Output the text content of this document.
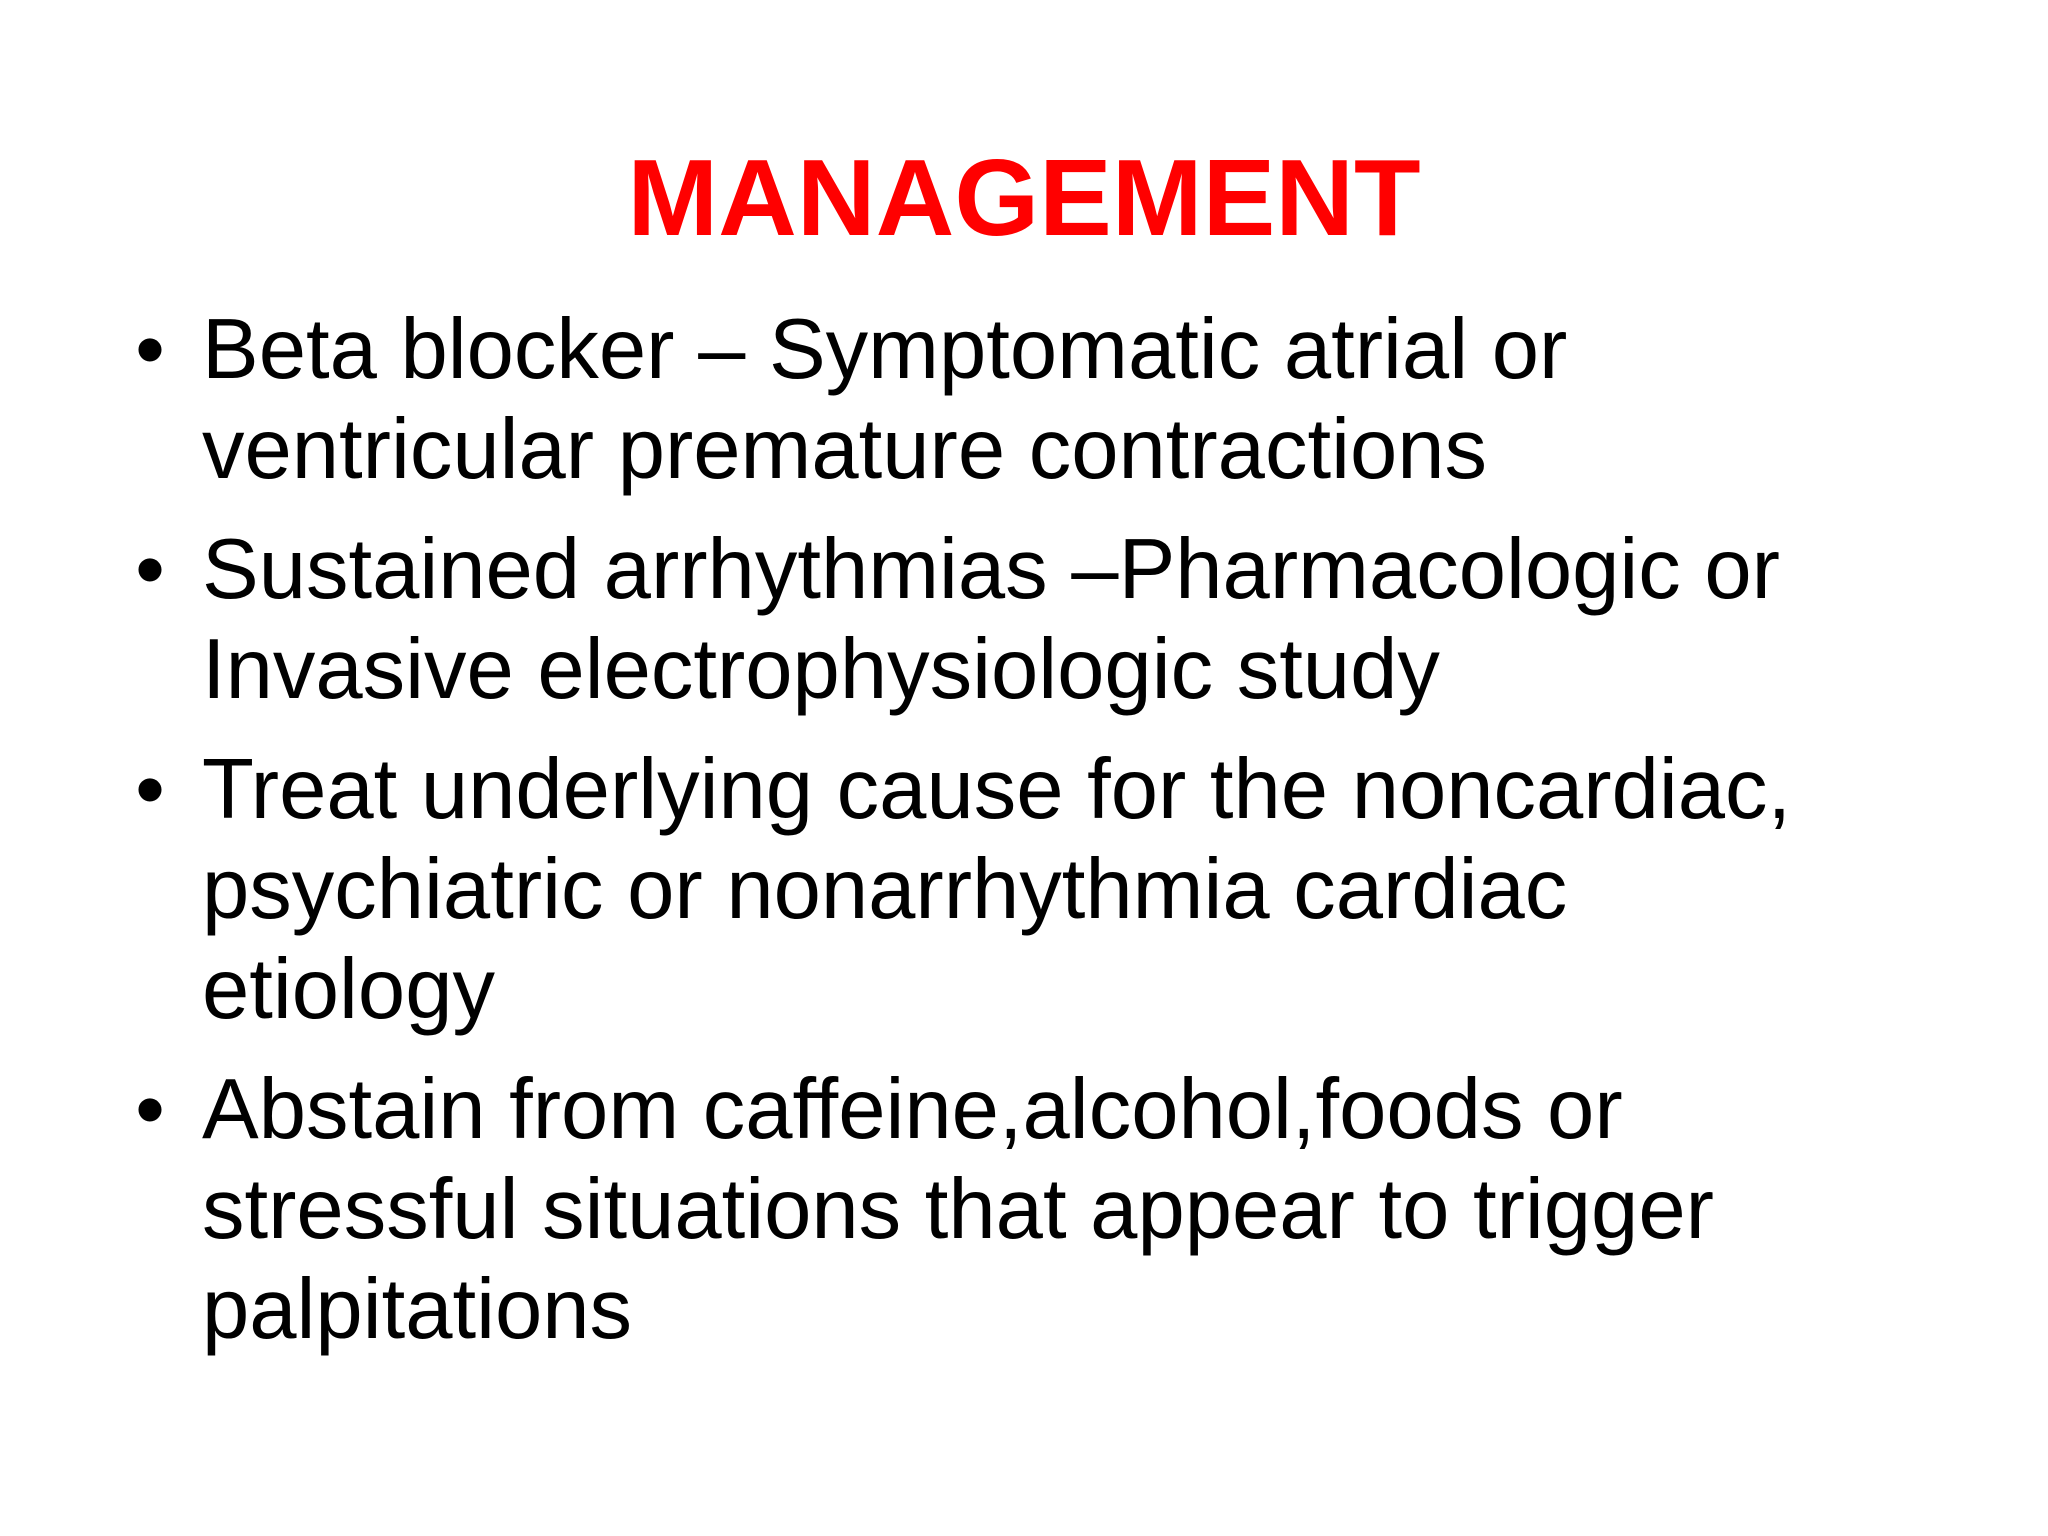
MANAGEMENT
• Beta blocker – Symptomatic atrial or
ventricular premature contractions
• Sustained arrhythmias –Pharmacologic or
Invasive electrophysiologic study
• Treat underlying cause for the noncardiac,
psychiatric or nonarrhythmia cardiac
etiology
• Abstain from caffeine,alcohol,foods or
stressful situations that appear to trigger
palpitations
